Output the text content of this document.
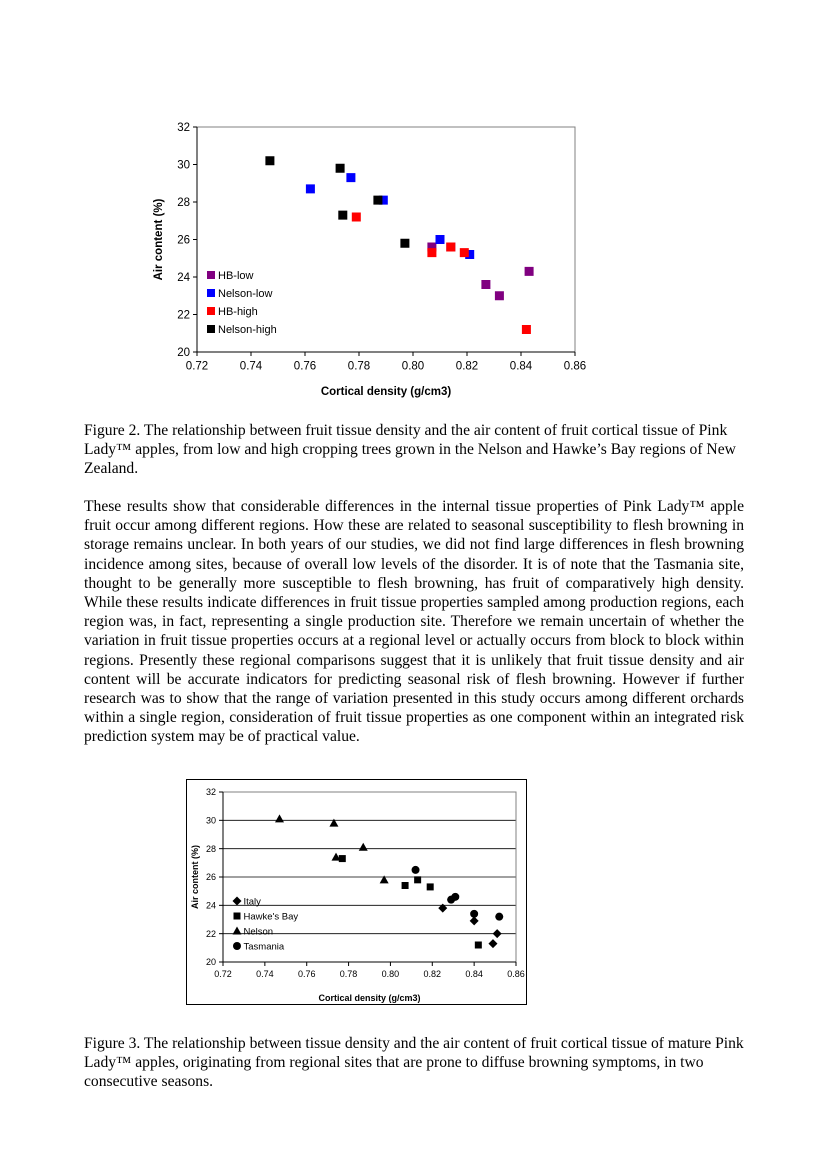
0.72	0.74	0.76	0.78	0.80	0.82	0.84	0.86
20
22
24
26
28
30
32
Cortical density (g/cm3)
Air content (%)	HB-low
Nelson-low
HB-high
Nelson-high

Figure 2. The relationship between fruit tissue density and the air content of fruit cortical tissue of Pink Lady™ apples, from low and high cropping trees grown in the Nelson and Hawke’s Bay regions of New Zealand.

These results show that considerable differences in the internal tissue properties of Pink Lady™ apple fruit occur among different regions. How these are related to seasonal susceptibility to flesh browning in storage remains unclear. In both years of our studies, we did not find large differences in flesh browning incidence among sites, because of overall low levels of the disorder. It is of note that the Tasmania site, thought to be generally more susceptible to flesh browning, has fruit of comparatively high density. While these results indicate differences in fruit tissue properties sampled among production regions, each region was, in fact, representing a single production site. Therefore we remain uncertain of whether the variation in fruit tissue properties occurs at a regional level or actually occurs from block to block within regions. Presently these regional comparisons suggest that it is unlikely that fruit tissue density and air content will be accurate indicators for predicting seasonal risk of flesh browning. However if further research was to show that the range of variation presented in this study occurs among different orchards within a single region, consideration of fruit tissue properties as one component within an integrated risk prediction system may be of practical value.

0.72	0.74	0.76	0.78	0.80	0.82	0.84	0.86
20
22
24
26
28
30
32
Cortical density (g/cm3)
Air content (%)	Italy
Hawke's Bay
Nelson
Tasmania

Figure 3. The relationship between tissue density and the air content of fruit cortical tissue of mature Pink Lady™ apples, originating from regional sites that are prone to diffuse browning symptoms, in two consecutive seasons.
